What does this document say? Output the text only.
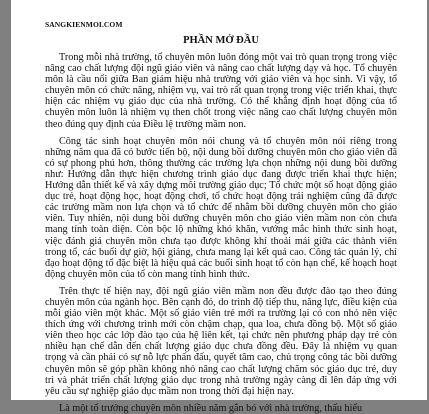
SANGKIENMOI.COM
PHẦN MỞ ĐẦU

Trong mỗi nhà trường, tổ chuyên môn luôn đóng một vai trò quan trọng trong việc nâng cao chất lượng đội ngũ giáo viên và nâng cao chất lượng dạy và học. Tổ chuyên môn là cầu nối giữa Ban giám hiệu nhà trường với giáo viên và học sinh. Vì vậy, tổ chuyên môn có chức năng, nhiệm vụ, vai trò rất quan trọng trong việc triển khai, thực hiện các nhiệm vụ giáo dục của nhà trường. Có thể khẳng định hoạt động của tổ chuyên môn luôn là nhiệm vụ then chốt trong việc nâng cao chất lượng chuyên môn theo đúng quy định của Điều lệ trường mầm non.

Công tác sinh hoạt chuyên môn nói chung và tổ chuyên môn nói riêng trong những năm qua đã có bước tiến bộ, nội dung bồi dưỡng chuyên môn cho giáo viên đã có sự phong phú hơn, thông thường các trường lựa chọn những nội dung bồi dưỡng như: Hướng dẫn thực hiện chương trình giáo dục đang được triển khai thực hiện; Hướng dẫn thiết kế và xây dựng môi trường giáo dục; Tổ chức một số hoạt động giáo dục trẻ, hoạt động học, hoạt động chơi, tổ chức hoạt động trải nghiệm cũng đã được các trường mầm non lựa chọn và tổ chức để nhằm bồi dưỡng chuyên môn cho giáo viên. Tuy nhiên, nội dung bồi dưỡng chuyên môn cho giáo viên mầm non còn chưa mang tính toàn diện. Còn bộc lộ những khó khăn, vướng mắc hình thức sinh hoạt, việc đánh giá chuyên môn chưa tạo được không khí thoải mái giữa các thành viên trong tổ, các buổi dự giờ, hội giảng, chưa mang lại kết quả cao. Công tác quản lý, chỉ đạo hoạt động tổ đặc biệt là hiệu quả các buổi sinh hoạt tổ còn hạn chế, kế hoạch hoạt động chuyên môn của tổ còn mang tính hình thức.

Trên thực tế hiện nay, đội ngũ giáo viên mầm non đều được đào tạo theo đúng chuyên môn của ngành học. Bên cạnh đó, do trình độ tiếp thu, năng lực, điều kiện của mỗi giáo viên một khác. Một số giáo viên trẻ mới ra trường lại có con nhỏ nên việc thích ứng với chương trình mới còn chậm chạp, qua loa, chưa đồng bộ. Một số giáo viên theo học các lớp đào tạo của hệ liên kết, tại chức nên phương pháp dạy trẻ còn nhiều hạn chế dẫn đến chất lượng giáo dục chưa đồng đều. Đây là nhiệm vụ quan trọng và cần phải có sự nỗ lực phấn đấu, quyết tâm cao, chủ trọng công tác bồi dưỡng chuyên môn sẽ góp phần không nhỏ nâng cao chất lượng chăm sóc giáo dục trẻ, duy trì và phát triển chất lượng giáo dục trong nhà trường ngày càng đi lên đáp ứng với yêu cầu sự nghiệp giáo dục mầm non trong thời đại hiện nay.

Là một tổ trưởng chuyên môn nhiều năm gắn bó với nhà trường, thấu hiểu
